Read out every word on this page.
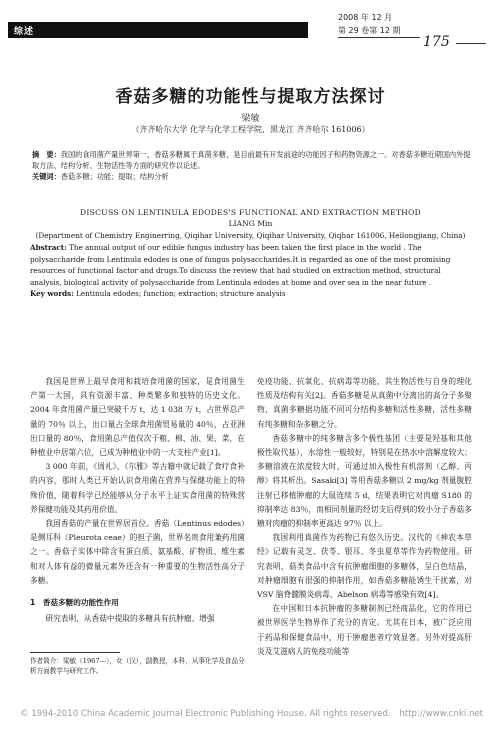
综述
2008 年 12 月
第 29 卷第 12 期
175
香菇多糖的功能性与提取方法探讨
梁敏
（齐齐哈尔大学 化学与化学工程学院，黑龙江 齐齐哈尔 161006）
摘　要：我国的食用菌产量世界第一，香菇多糖属于真菌多糖，是目前最有开发前途的功能因子和药物资源之一。对香菇多糖近期国内外提取方法、结构分析、生物活性等方面的研究作以论述。
关键词：香菇多糖；功能；提取；结构分析
DISCUSS ON LENTINULA EDODES'S FUNCTIONAL AND EXTRACTION METHOD
LIANG Min
(Department of Chemistry Enginerring, Qiqihar University, Qiqihar University, Qiqhar 161006, Heilongjiang, China)
Abstract: The annual output of our edible fungus industry has been taken the first place in the world . The polysaccharide from Lentinula edodes is one of fungus polysaccharides.It is regarded as one of the most promising resources of functional factor and drugs.To discuss the review that had studied on extraction method, structural analysis, biological activity of polysaccharide from Lentinula edodes at home and over sea in the near future .
Key words: Lentinula edodes; function; extraction; structure analysis

我国是世界上最早食用和栽培食用菌的国家，是食用菌生产第一大国，具有资源丰富、种类繁多和独特的历史文化。2004 年食用菌产量已突破千万 t，达 1 038 万 t，占世界总产量的 70％ 以上，出口量占全球食用菌贸易量的 40％，占亚洲出口量的 80％，食用菌总产值仅次于粮、棉、油、果、菜，在种植业中居第六位，已成为种植业中的一大支柱产业[1]。

3 000 年前，《周礼》、《尔雅》等古籍中就记载了食疗食补的内容，那时人类已开始认识食用菌在营养与保健功能上的特殊价值，随着科学已经能够从分子水平上证实食用菌的特殊营养保健功能及其药用价值。

我国香菇的产量在世界居首位。香菇（Lentinus edodes）是侧耳科（Pleurota ceae）的担子菌，世界名贵食用兼药用菌之一。香菇子实体中除含有蛋白质、氨基酸、矿物质、维生素和对人体有益的微量元素外还含有一种重要的生物活性高分子多糖。

1　香菇多糖的功能性作用

研究表明，从香菇中提取的多糖具有抗肿瘤、增强

免疫功能、抗氧化、抗病毒等功能，其生物活性与自身的理化性质及结构有关[2]。香菇多糖是从真菌中分离出的高分子多聚物，真菌多糖据功能不同可分结构多糖和活性多糖，活性多糖有纯多糖和杂多糖之分。

香菇多糖中的纯多糖含多个极性基团（主要是羟基和其他极性取代基），水溶性一般较好，特别是在热水中溶解度较大；多糖溶液在浓度较大时，可通过加入极性有机溶剂（乙醇、丙醇）将其析出。Sasaki[3] 等用香菇多糖以 2 mg/kg 剂量腹腔注射已移植肿瘤的大鼠连续 5 d，结果表明它对肉瘤 S180 的抑制率达 83％，而相同剂量的经切支后得到的较小分子香菇多糖对肉瘤的抑制率更高达 97％ 以上。

我国利用真菌作为药物已有悠久历史。汉代的《神农本草经》记载有灵芝、茯苓、银耳、冬虫夏草等作为药物使用。研究表明，菇类食品中含有抗肿瘤细胞的多糖体，呈白色结晶，对肿瘤细胞有很强的抑制作用，如香菇多糖能诱生干扰素，对 VSV 脑脊髓膜炎病毒、Abelson 病毒等感染有效[4]。

在中国和日本抗肿瘤的多糖制剂已经商品化，它的作用已被世界医学生物界作了充分的肯定。尤其在日本，被广泛应用于药品和保健食品中，用于肿瘤患者疗效显著。另外对提高肝炎及艾滋病人的免疫功能等

作者简介：梁敏（1967—），女（汉），副教授，本科，从事化学及食品分析方面教学与研究工作。
© 1994-2010 China Academic Journal Electronic Publishing House. All rights reserved.　http://www.cnki.net
